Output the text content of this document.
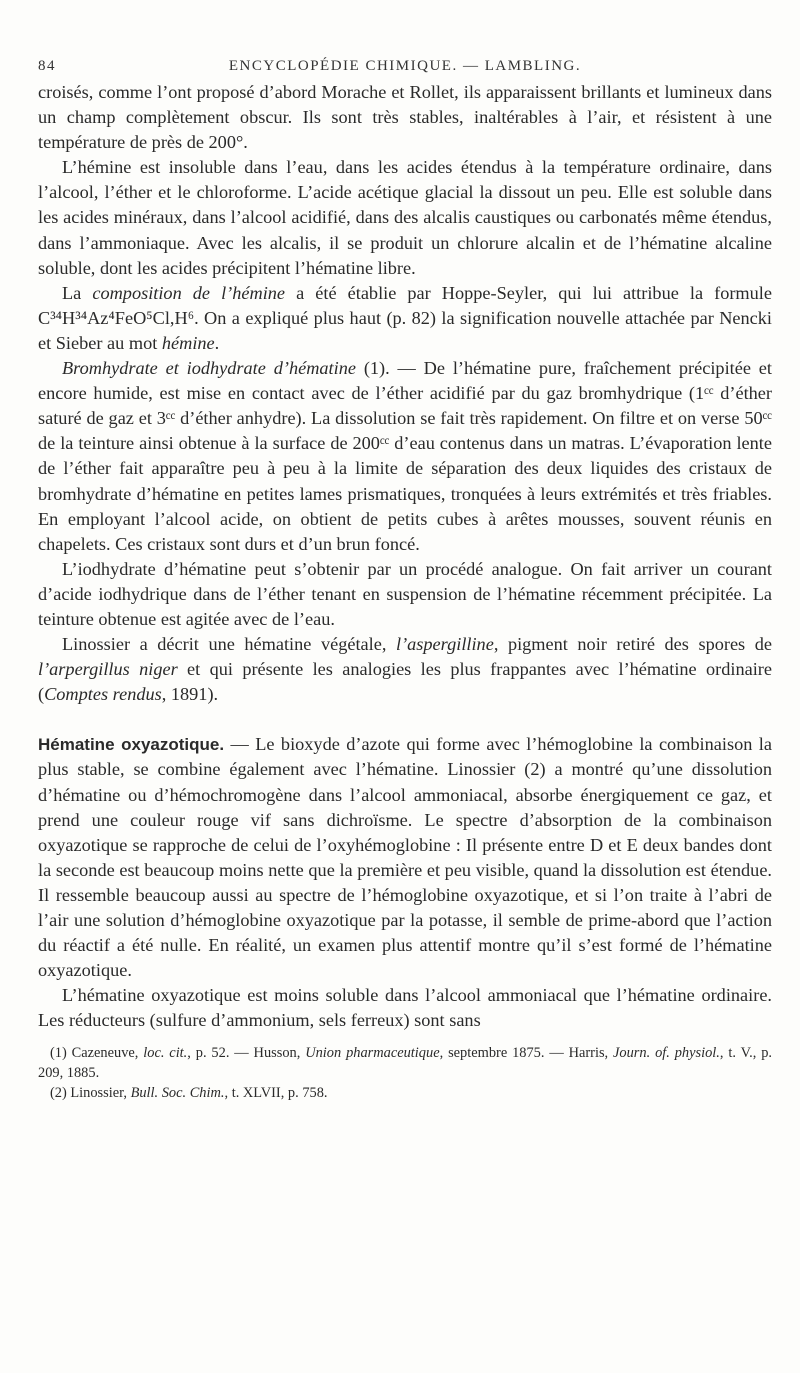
84	ENCYCLOPÉDIE CHIMIQUE. — LAMBLING.

croisés, comme l’ont proposé d’abord Morache et Rollet, ils apparaissent brillants et lumineux dans un champ complètement obscur. Ils sont très stables, inaltérables à l’air, et résistent à une température de près de 200°.

L’hémine est insoluble dans l’eau, dans les acides étendus à la température ordinaire, dans l’alcool, l’éther et le chloroforme. L’acide acétique glacial la dissout un peu. Elle est soluble dans les acides minéraux, dans l’alcool acidifié, dans des alcalis caustiques ou carbonatés même étendus, dans l’ammoniaque. Avec les alcalis, il se produit un chlorure alcalin et de l’hématine alcaline soluble, dont les acides précipitent l’hématine libre.

La composition de l’hémine a été établie par Hoppe-Seyler, qui lui attribue la formule C³⁴H³⁴Az⁴FeO⁵Cl,H⁶. On a expliqué plus haut (p. 82) la signification nouvelle attachée par Nencki et Sieber au mot hémine.

Bromhydrate et iodhydrate d’hématine (1). — De l’hématine pure, fraîchement précipitée et encore humide, est mise en contact avec de l’éther acidifié par du gaz bromhydrique (1ᶜᶜ d’éther saturé de gaz et 3ᶜᶜ d’éther anhydre). La dissolution se fait très rapidement. On filtre et on verse 50ᶜᶜ de la teinture ainsi obtenue à la surface de 200ᶜᶜ d’eau contenus dans un matras. L’évaporation lente de l’éther fait apparaître peu à peu à la limite de séparation des deux liquides des cristaux de bromhydrate d’hématine en petites lames prismatiques, tronquées à leurs extrémités et très friables. En employant l’alcool acide, on obtient de petits cubes à arêtes mousses, souvent réunis en chapelets. Ces cristaux sont durs et d’un brun foncé.

L’iodhydrate d’hématine peut s’obtenir par un procédé analogue. On fait arriver un courant d’acide iodhydrique dans de l’éther tenant en suspension de l’hématine récemment précipitée. La teinture obtenue est agitée avec de l’eau.

Linossier a décrit une hématine végétale, l’aspergilline, pigment noir retiré des spores de l’arpergillus niger et qui présente les analogies les plus frappantes avec l’hématine ordinaire (Comptes rendus, 1891).

Hématine oxyazotique. — Le bioxyde d’azote qui forme avec l’hémoglobine la combinaison la plus stable, se combine également avec l’hématine. Linossier (2) a montré qu’une dissolution d’hématine ou d’hémochromogène dans l’alcool ammoniacal, absorbe énergiquement ce gaz, et prend une couleur rouge vif sans dichroïsme. Le spectre d’absorption de la combinaison oxyazotique se rapproche de celui de l’oxyhémoglobine : Il présente entre D et E deux bandes dont la seconde est beaucoup moins nette que la première et peu visible, quand la dissolution est étendue. Il ressemble beaucoup aussi au spectre de l’hémoglobine oxyazotique, et si l’on traite à l’abri de l’air une solution d’hémoglobine oxyazotique par la potasse, il semble de prime-abord que l’action du réactif a été nulle. En réalité, un examen plus attentif montre qu’il s’est formé de l’hématine oxyazotique.

L’hématine oxyazotique est moins soluble dans l’alcool ammoniacal que l’hématine ordinaire. Les réducteurs (sulfure d’ammonium, sels ferreux) sont sans

(1) Cazeneuve, loc. cit., p. 52. — Husson, Union pharmaceutique, septembre 1875. — Harris, Journ. of. physiol., t. V., p. 209, 1885.

(2) Linossier, Bull. Soc. Chim., t. XLVII, p. 758.
